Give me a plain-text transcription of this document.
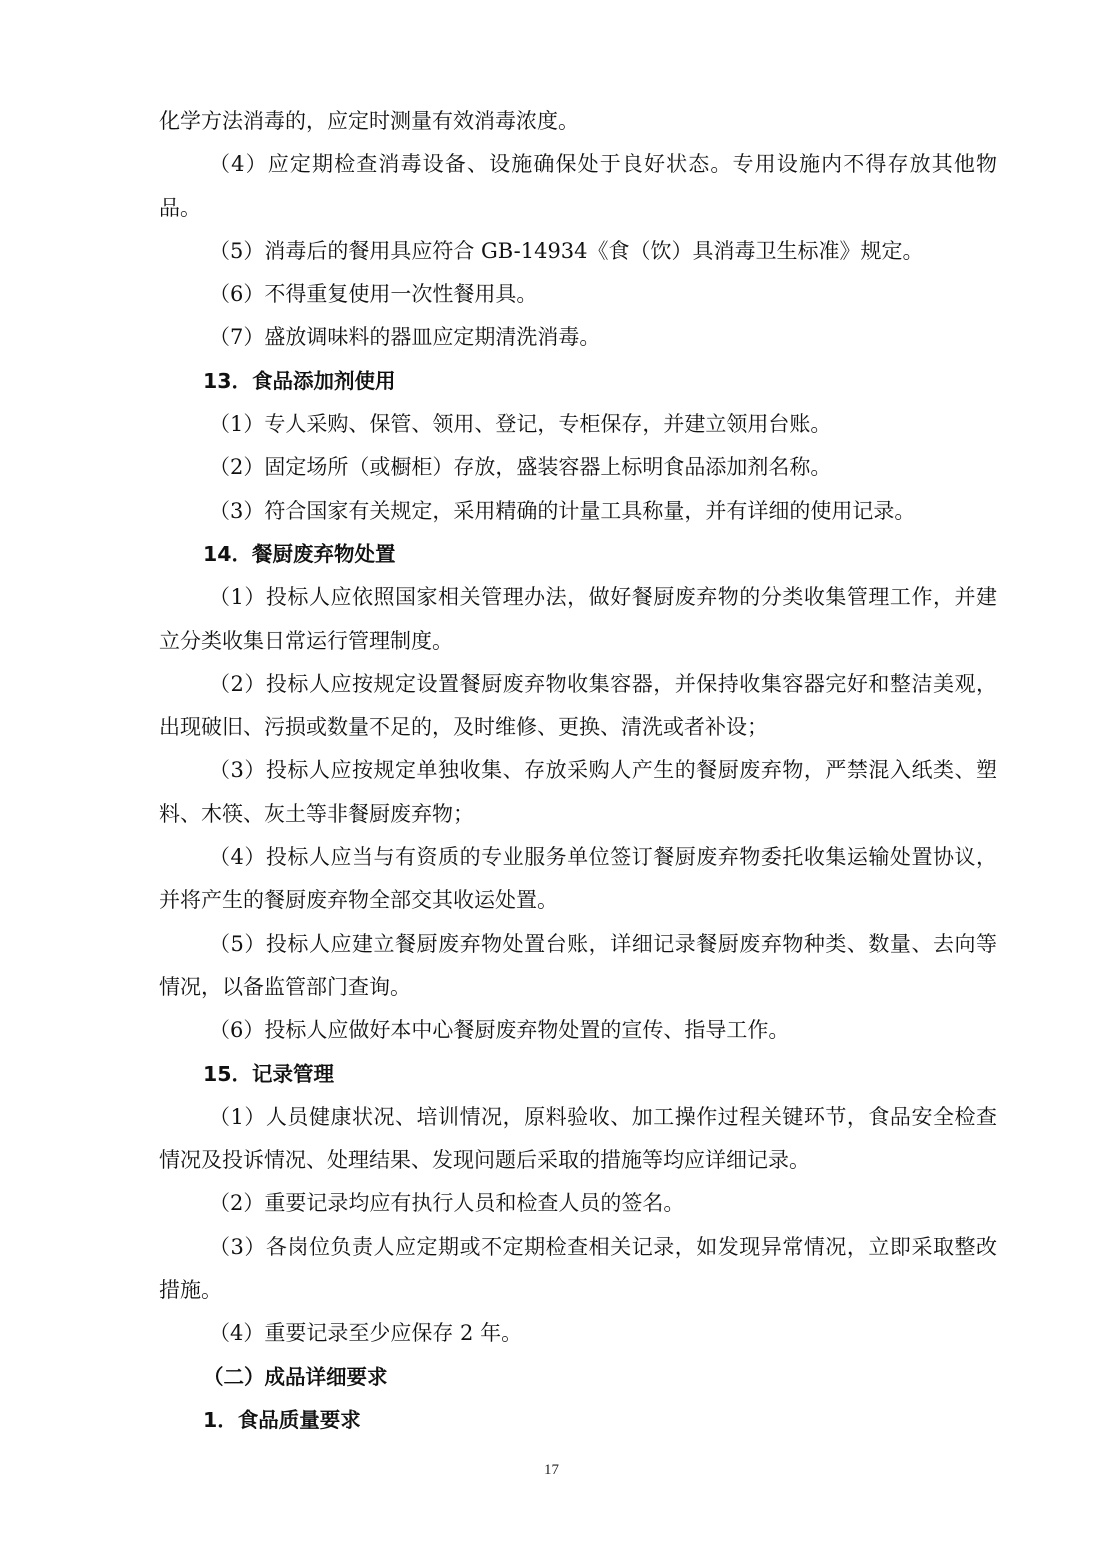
化学方法消毒的，应定时测量有效消毒浓度。

（4）应定期检查消毒设备、设施确保处于良好状态。专用设施内不得存放其他物品。

（5）消毒后的餐用具应符合 GB-14934《食（饮）具消毒卫生标准》规定。

（6）不得重复使用一次性餐用具。

（7）盛放调味料的器皿应定期清洗消毒。

13．食品添加剂使用

（1）专人采购、保管、领用、登记，专柜保存，并建立领用台账。

（2）固定场所（或橱柜）存放，盛装容器上标明食品添加剂名称。

（3）符合国家有关规定，采用精确的计量工具称量，并有详细的使用记录。

14．餐厨废弃物处置

（1）投标人应依照国家相关管理办法，做好餐厨废弃物的分类收集管理工作，并建立分类收集日常运行管理制度。

（2）投标人应按规定设置餐厨废弃物收集容器，并保持收集容器完好和整洁美观，出现破旧、污损或数量不足的，及时维修、更换、清洗或者补设；

（3）投标人应按规定单独收集、存放采购人产生的餐厨废弃物，严禁混入纸类、塑料、木筷、灰土等非餐厨废弃物；

（4）投标人应当与有资质的专业服务单位签订餐厨废弃物委托收集运输处置协议，并将产生的餐厨废弃物全部交其收运处置。

（5）投标人应建立餐厨废弃物处置台账，详细记录餐厨废弃物种类、数量、去向等情况，以备监管部门查询。

（6）投标人应做好本中心餐厨废弃物处置的宣传、指导工作。

15．记录管理

（1）人员健康状况、培训情况，原料验收、加工操作过程关键环节，食品安全检查情况及投诉情况、处理结果、发现问题后采取的措施等均应详细记录。

（2）重要记录均应有执行人员和检查人员的签名。

（3）各岗位负责人应定期或不定期检查相关记录，如发现异常情况，立即采取整改措施。

（4）重要记录至少应保存 2 年。

（二）成品详细要求

1．食品质量要求

17
